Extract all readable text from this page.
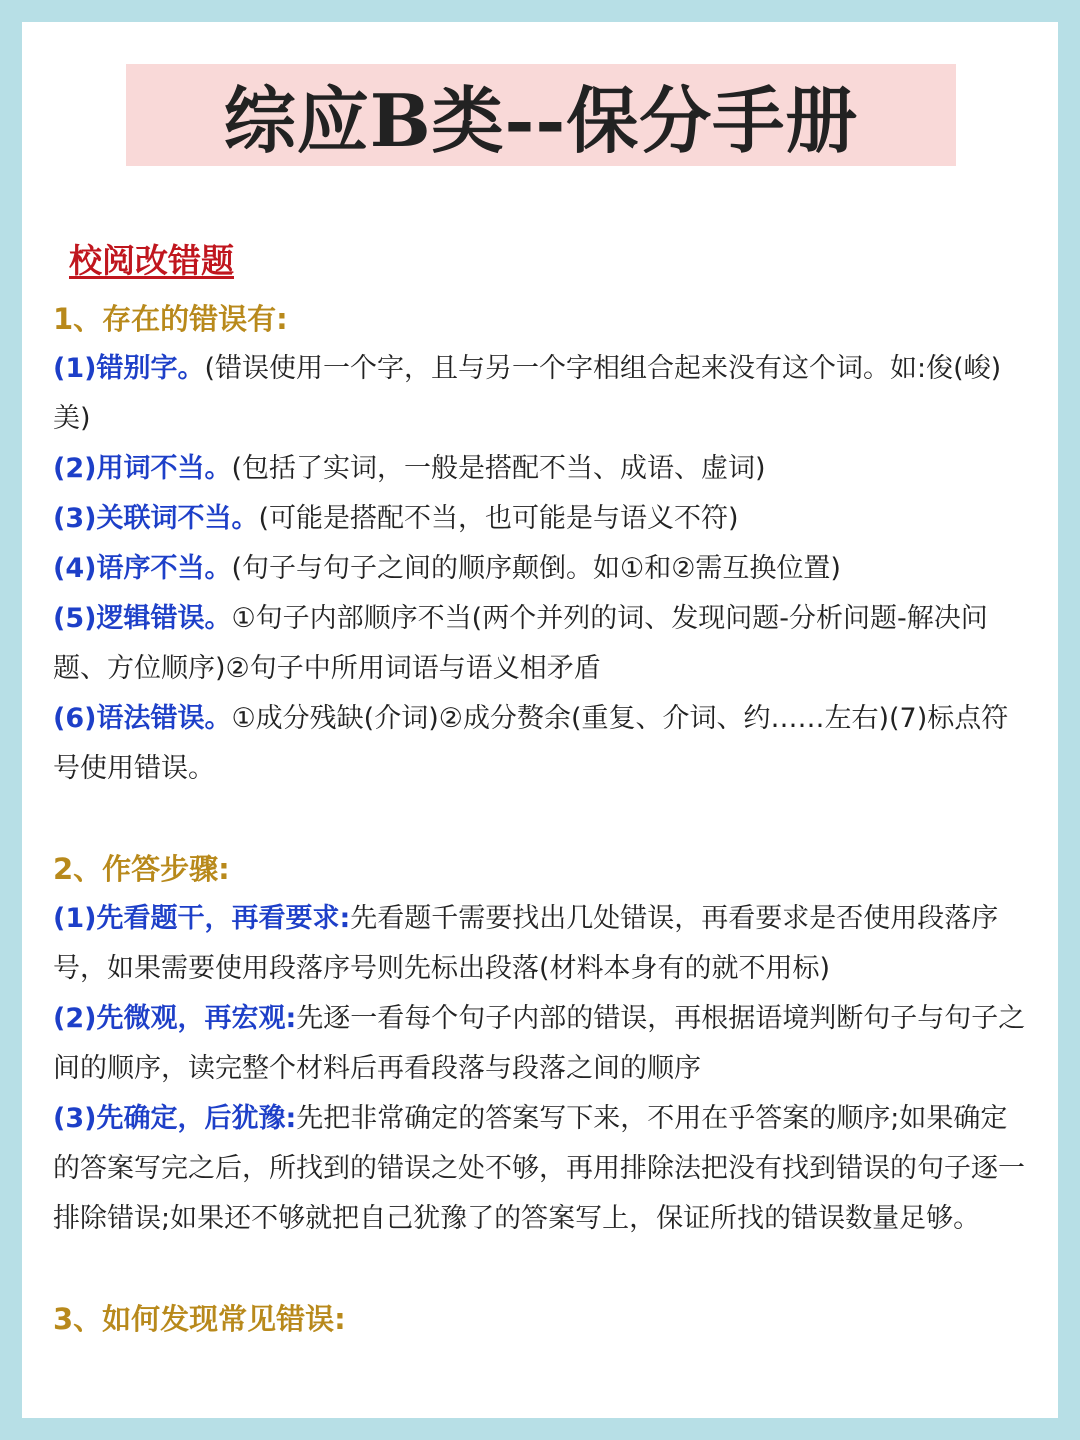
综应B类--保分手册
校阅改错题
1、存在的错误有:
(1)错别字。(错误使用一个字，且与另一个字相组合起来没有这个词。如:俊(峻)美)
(2)用词不当。(包括了实词，一般是搭配不当、成语、虚词)
(3)关联词不当。(可能是搭配不当，也可能是与语义不符)
(4)语序不当。(句子与句子之间的顺序颠倒。如①和②需互换位置)
(5)逻辑错误。①句子内部顺序不当(两个并列的词、发现问题-分析问题-解决问题、方位顺序)②句子中所用词语与语义相矛盾
(6)语法错误。①成分残缺(介词)②成分赘余(重复、介词、约……左右)(7)标点符号使用错误。
2、作答步骤:
(1)先看题干，再看要求:先看题千需要找出几处错误，再看要求是否使用段落序号，如果需要使用段落序号则先标出段落(材料本身有的就不用标)
(2)先微观，再宏观:先逐一看每个句子内部的错误，再根据语境判断句子与句子之间的顺序，读完整个材料后再看段落与段落之间的顺序
(3)先确定，后犹豫:先把非常确定的答案写下来，不用在乎答案的顺序;如果确定的答案写完之后，所找到的错误之处不够，再用排除法把没有找到错误的句子逐一排除错误;如果还不够就把自己犹豫了的答案写上，保证所找的错误数量足够。
3、如何发现常见错误:
